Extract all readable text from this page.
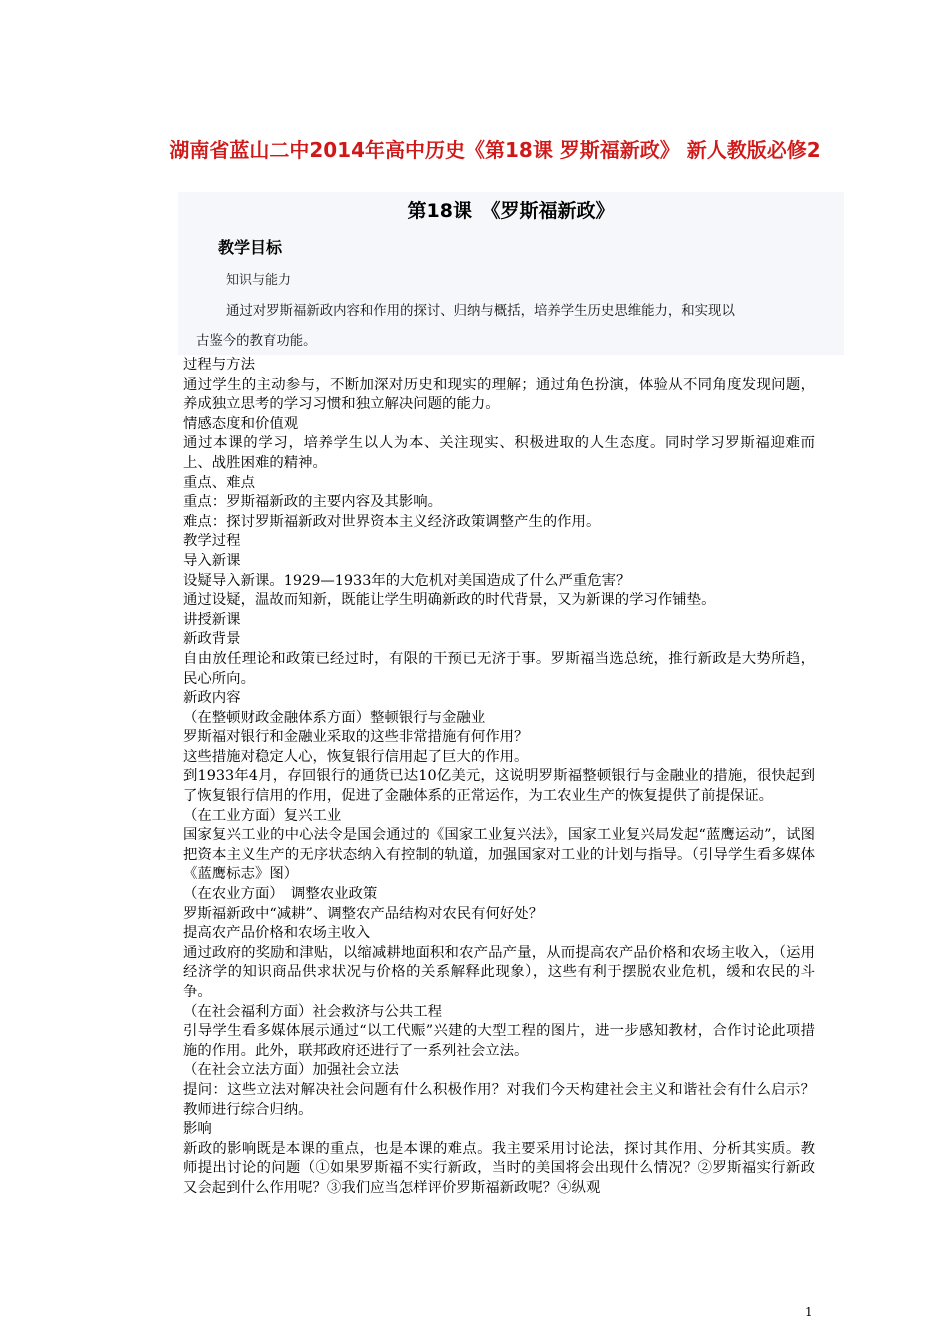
湖南省蓝山二中2014年高中历史《第18课 罗斯福新政》 新人教版必修2
第18课　《罗斯福新政》
教学目标
知识与能力
通过对罗斯福新政内容和作用的探讨、归纳与概括，培养学生历史思维能力，和实现以
古鉴今的教育功能。

过程与方法

通过学生的主动参与，不断加深对历史和现实的理解；通过角色扮演，体验从不同角度发现问题，养成独立思考的学习习惯和独立解决问题的能力。

情感态度和价值观

通过本课的学习，培养学生以人为本、关注现实、积极进取的人生态度。同时学习罗斯福迎难而上、战胜困难的精神。

重点、难点

重点：罗斯福新政的主要内容及其影响。

难点：探讨罗斯福新政对世界资本主义经济政策调整产生的作用。

教学过程

导入新课

设疑导入新课。1929—1933年的大危机对美国造成了什么严重危害？

通过设疑，温故而知新，既能让学生明确新政的时代背景，又为新课的学习作铺垫。

讲授新课

新政背景

自由放任理论和政策已经过时，有限的干预已无济于事。罗斯福当选总统，推行新政是大势所趋，民心所向。

新政内容

（在整顿财政金融体系方面）整顿银行与金融业

罗斯福对银行和金融业采取的这些非常措施有何作用？

这些措施对稳定人心，恢复银行信用起了巨大的作用。

到1933年4月，存回银行的通货已达10亿美元，这说明罗斯福整顿银行与金融业的措施，很快起到了恢复银行信用的作用，促进了金融体系的正常运作，为工农业生产的恢复提供了前提保证。

（在工业方面）复兴工业

国家复兴工业的中心法令是国会通过的《国家工业复兴法》，国家工业复兴局发起“蓝鹰运动”，试图把资本主义生产的无序状态纳入有控制的轨道，加强国家对工业的计划与指导。（引导学生看多媒体《蓝鹰标志》图）

（在农业方面）　调整农业政策

罗斯福新政中“减耕”、调整农产品结构对农民有何好处？

提高农产品价格和农场主收入

通过政府的奖励和津贴，以缩减耕地面积和农产品产量，从而提高农产品价格和农场主收入，（运用经济学的知识商品供求状况与价格的关系解释此现象），这些有利于摆脱农业危机，缓和农民的斗争。

（在社会福利方面）社会救济与公共工程

引导学生看多媒体展示通过“以工代赈”兴建的大型工程的图片，进一步感知教材，合作讨论此项措施的作用。此外，联邦政府还进行了一系列社会立法。

（在社会立法方面）加强社会立法

提问：这些立法对解决社会问题有什么积极作用？对我们今天构建社会主义和谐社会有什么启示？教师进行综合归纳。

影响

新政的影响既是本课的重点，也是本课的难点。我主要采用讨论法，探讨其作用、分析其实质。教师提出讨论的问题（①如果罗斯福不实行新政，当时的美国将会出现什么情况？②罗斯福实行新政又会起到什么作用呢？③我们应当怎样评价罗斯福新政呢？④纵观

1
